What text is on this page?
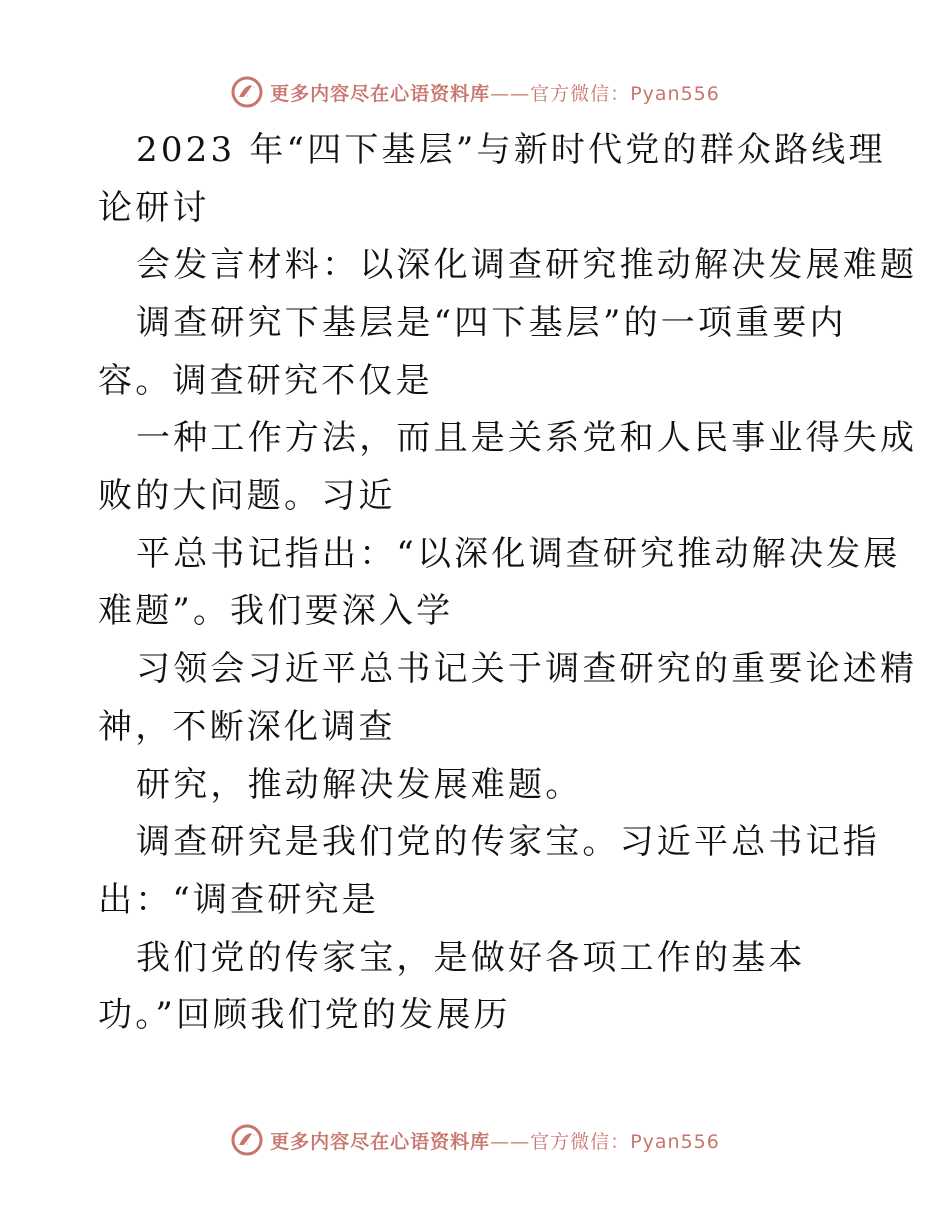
更多内容尽在心语资料库——官方微信：Pyan556
2023 年“四下基层”与新时代党的群众路线理
论研讨
会发言材料：以深化调查研究推动解决发展难题
调查研究下基层是“四下基层”的一项重要内
容。调查研究不仅是
一种工作方法，而且是关系党和人民事业得失成
败的大问题。习近
平总书记指出：“以深化调查研究推动解决发展
难题”。我们要深入学
习领会习近平总书记关于调查研究的重要论述精
神，不断深化调查
研究，推动解决发展难题。
调查研究是我们党的传家宝。习近平总书记指
出：“调查研究是
我们党的传家宝，是做好各项工作的基本
功。”回顾我们党的发展历
更多内容尽在心语资料库——官方微信：Pyan556
